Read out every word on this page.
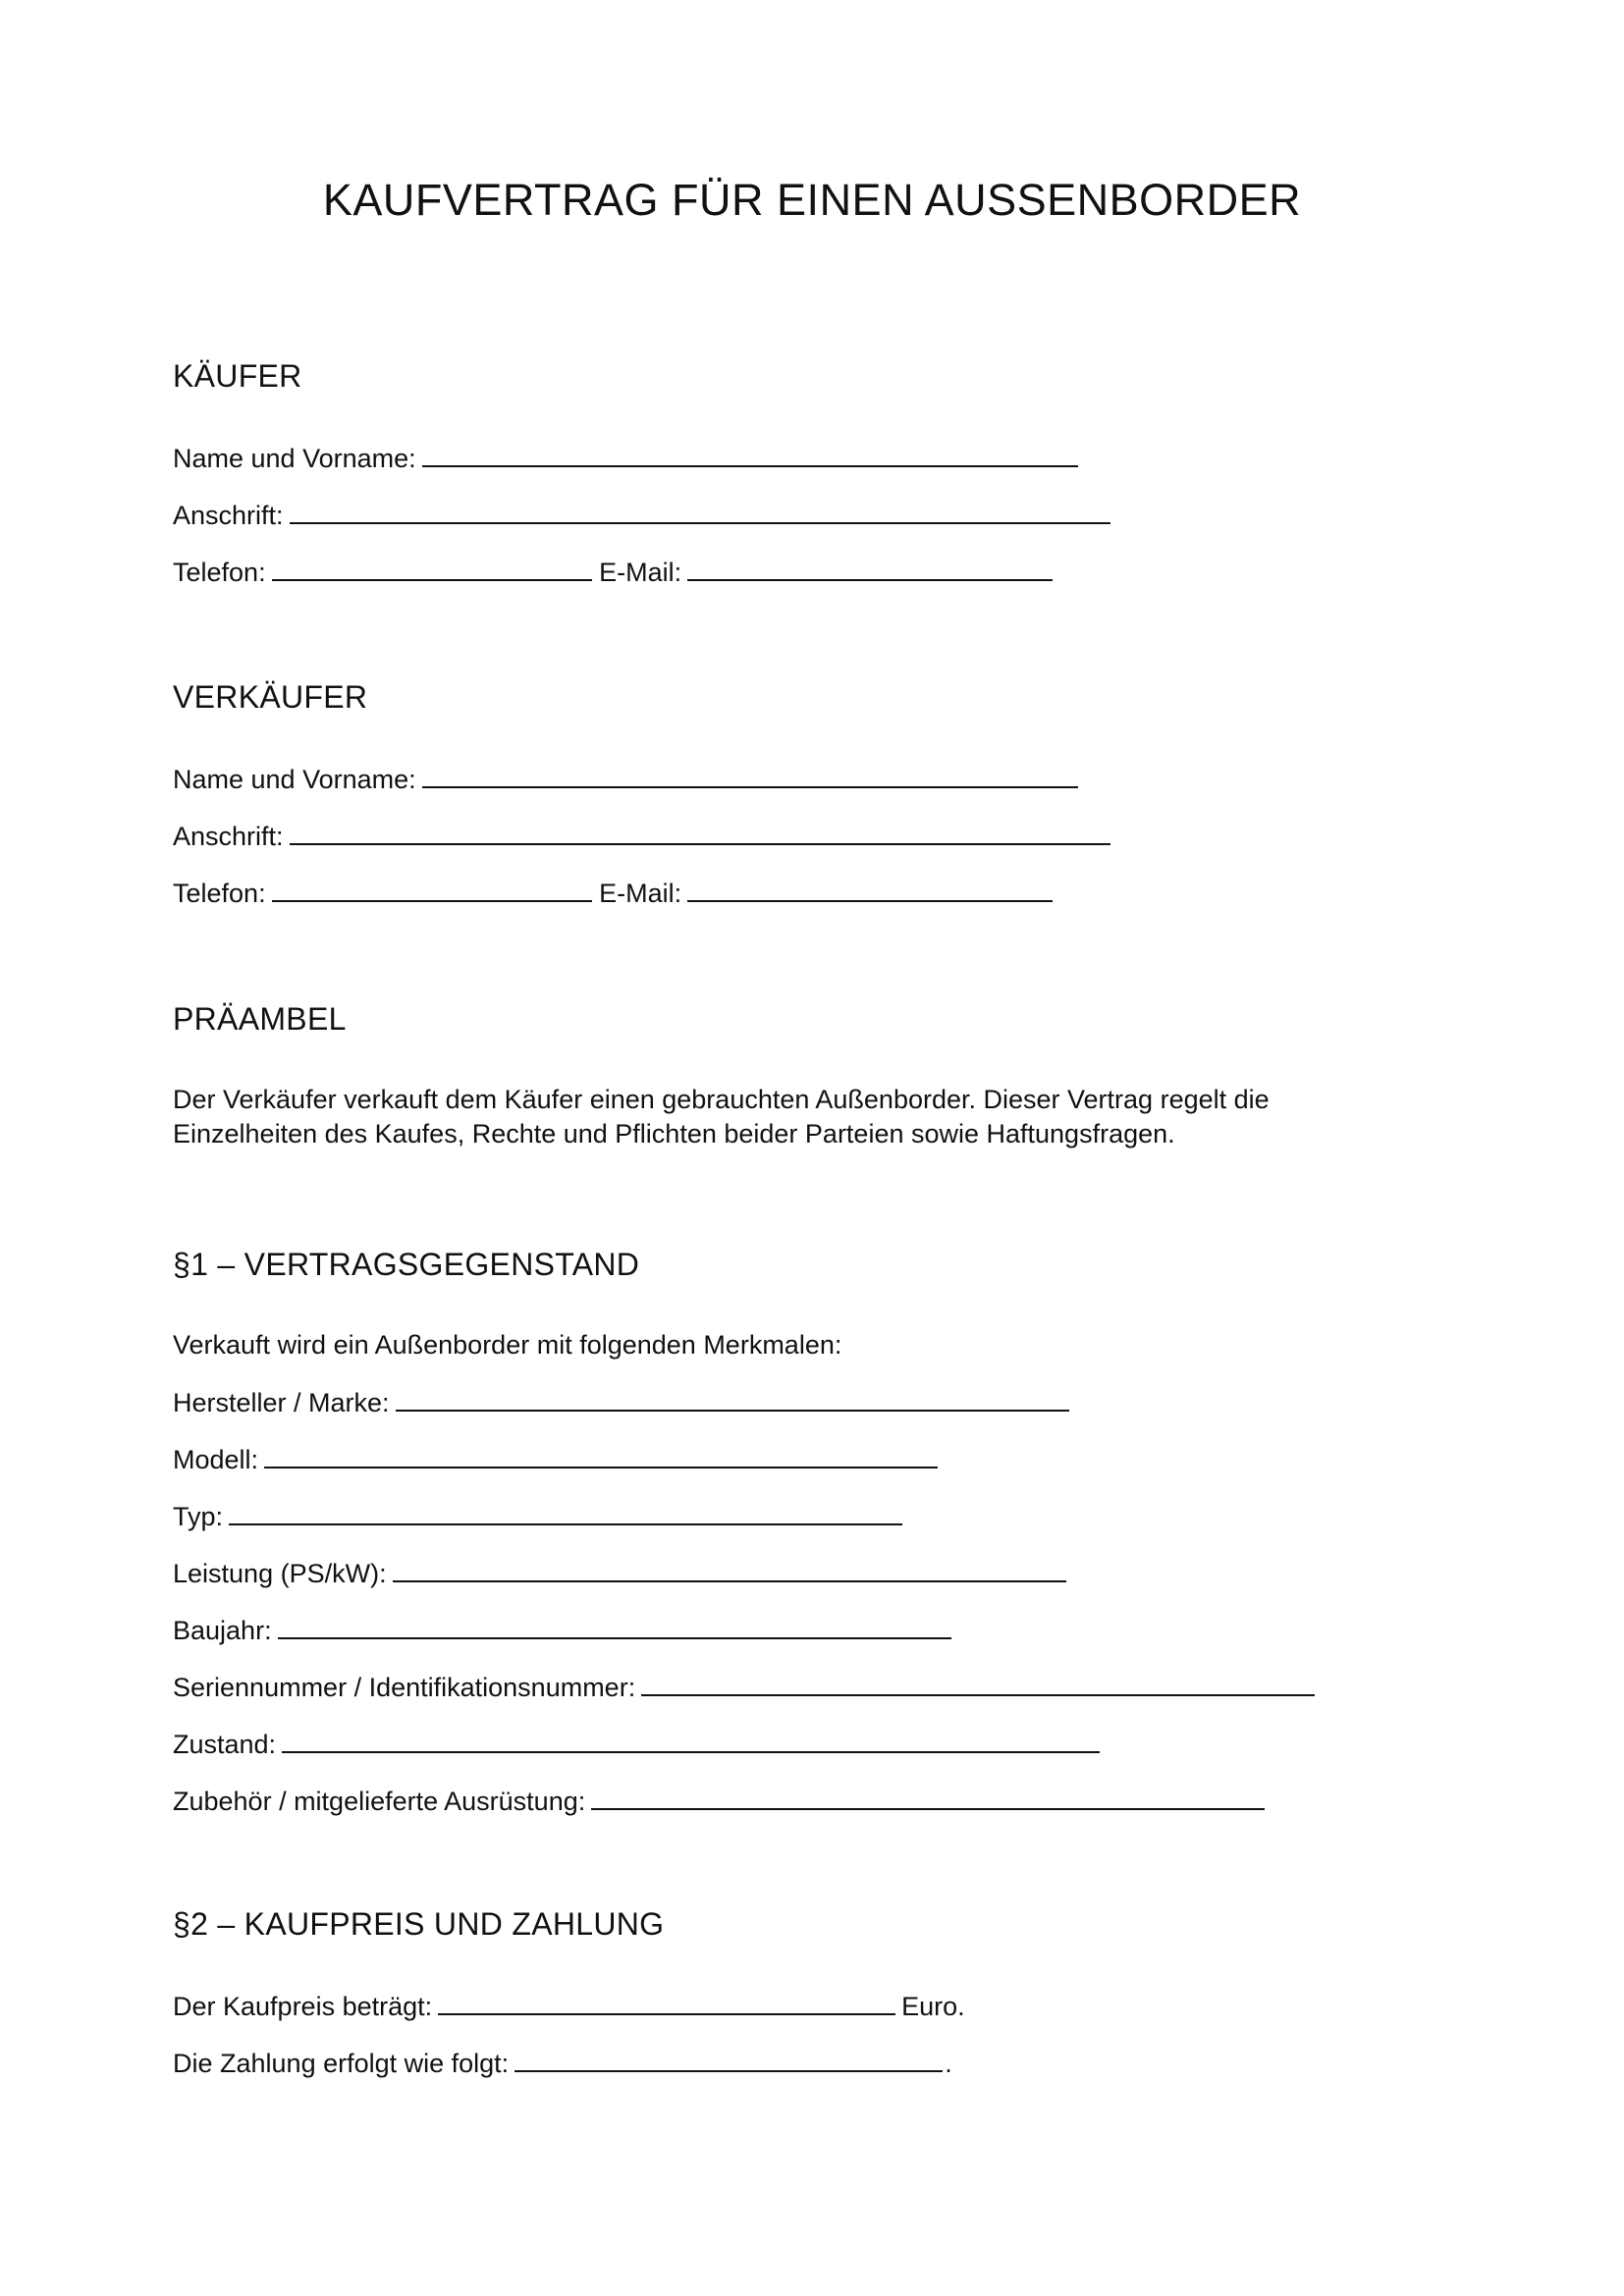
KAUFVERTRAG FÜR EINEN AUSSENBORDER
KÄUFER

Name und Vorname:

Anschrift:

Telefon:	E-Mail:

VERKÄUFER

Name und Vorname:

Anschrift:

Telefon:	E-Mail:

PRÄAMBEL

Der Verkäufer verkauft dem Käufer einen gebrauchten Außenborder. Dieser Vertrag regelt die Einzelheiten des Kaufes, Rechte und Pflichten beider Parteien sowie Haftungsfragen.

§1 – VERTRAGSGEGENSTAND

Verkauft wird ein Außenborder mit folgenden Merkmalen:

Hersteller / Marke:

Modell:

Typ:

Leistung (PS/kW):

Baujahr:

Seriennummer / Identifikationsnummer:

Zustand:

Zubehör / mitgelieferte Ausrüstung:

§2 – KAUFPREIS UND ZAHLUNG

Der Kaufpreis beträgt:	Euro.

Die Zahlung erfolgt wie folgt:	.
